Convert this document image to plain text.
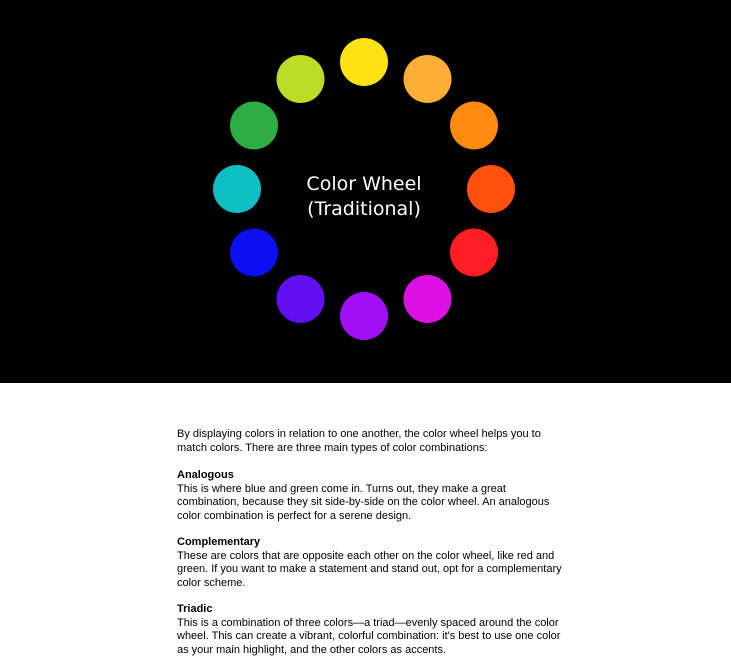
Color Wheel
(Traditional)

By displaying colors in relation to one another, the color wheel helps you to match colors. There are three main types of color combinations:

Analogous

This is where blue and green come in. Turns out, they make a great combination, because they sit side-by-side on the color wheel. An analogous color combination is perfect for a serene design.

Complementary

These are colors that are opposite each other on the color wheel, like red and green. If you want to make a statement and stand out, opt for a complementary color scheme.

Triadic

This is a combination of three colors—a triad—evenly spaced around the color wheel. This can create a vibrant, colorful combination: it's best to use one color as your main highlight, and the other colors as accents.
